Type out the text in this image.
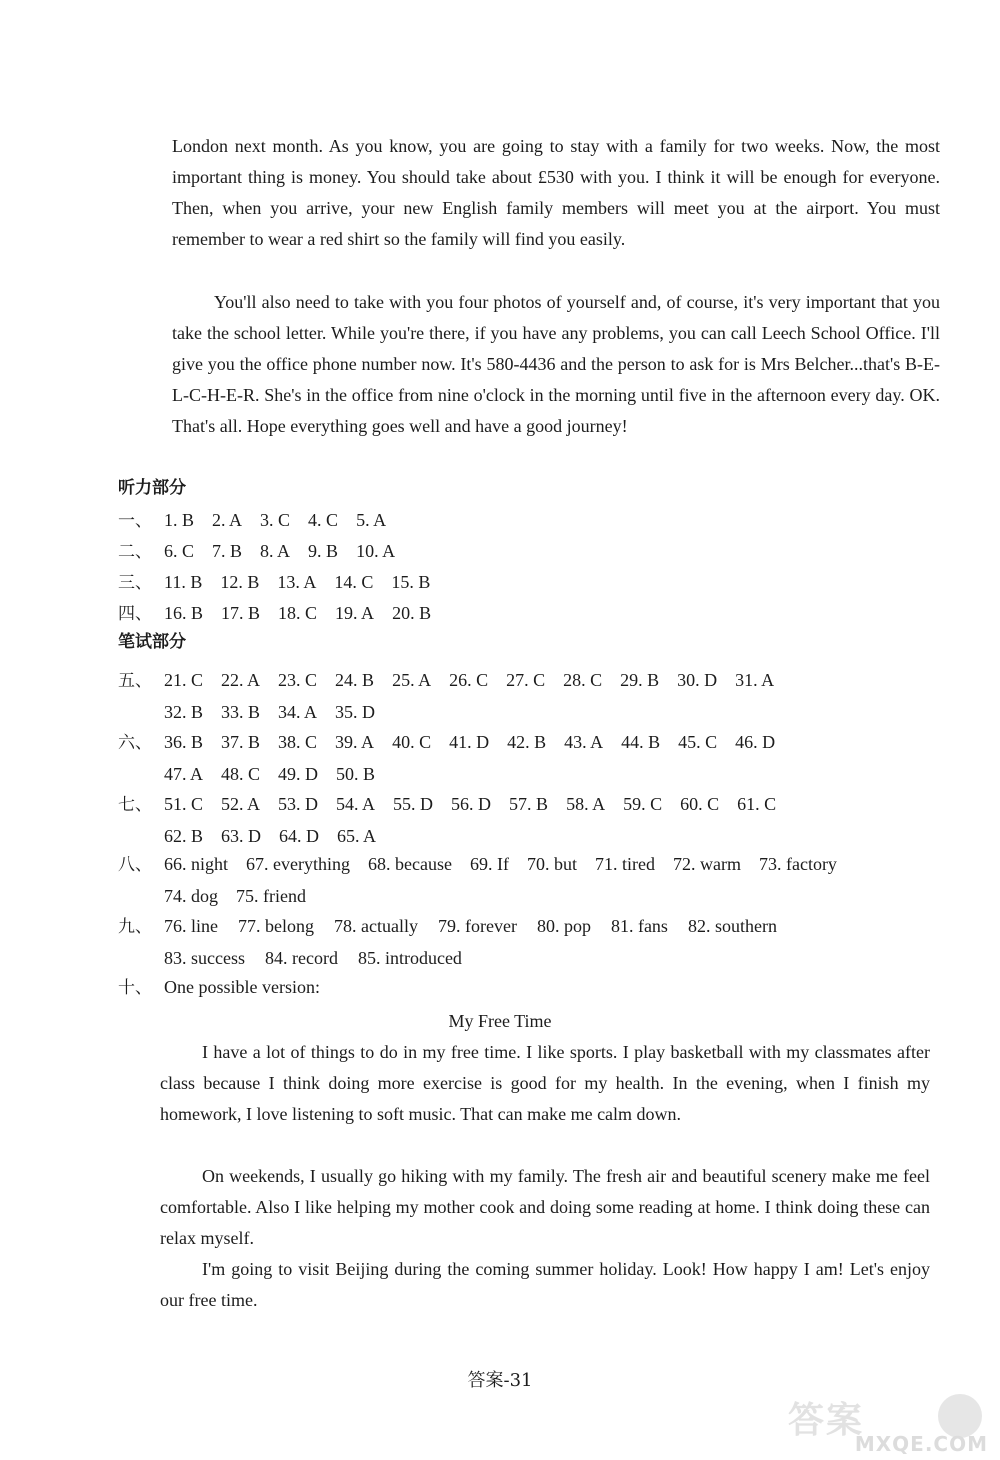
London next month. As you know, you are going to stay with a family for two weeks. Now, the most important thing is money. You should take about £530 with you. I think it will be enough for everyone. Then, when you arrive, your new English family members will meet you at the airport. You must remember to wear a red shirt so the family will find you easily.

You'll also need to take with you four photos of yourself and, of course, it's very important that you take the school letter. While you're there, if you have any problems, you can call Leech School Office. I'll give you the office phone number now. It's 580-4436 and the person to ask for is Mrs Belcher...that's B-E-L-C-H-E-R. She's in the office from nine o'clock in the morning until five in the afternoon every day. OK. That's all. Hope everything goes well and have a good journey!

听力部分
一、 1. B 2. A 3. C 4. C 5. A
二、 6. C 7. B 8. A 9. B 10. A
三、 11. B 12. B 13. A 14. C 15. B
四、 16. B 17. B 18. C 19. A 20. B
笔试部分
五、 21. C 22. A 23. C 24. B 25. A 26. C 27. C 28. C 29. B 30. D 31. A
32. B 33. B 34. A 35. D
六、 36. B 37. B 38. C 39. A 40. C 41. D 42. B 43. A 44. B 45. C 46. D
47. A 48. C 49. D 50. B
七、 51. C 52. A 53. D 54. A 55. D 56. D 57. B 58. A 59. C 60. C 61. C
62. B 63. D 64. D 65. A
八、 66. night 67. everything 68. because 69. If 70. but 71. tired 72. warm 73. factory
74. dog 75. friend
九、 76. line 77. belong 78. actually 79. forever 80. pop 81. fans 82. southern
83. success 84. record 85. introduced
十、 One possible version:

My Free Time

I have a lot of things to do in my free time. I like sports. I play basketball with my classmates after class because I think doing more exercise is good for my health. In the evening, when I finish my homework, I love listening to soft music. That can make me calm down.

On weekends, I usually go hiking with my family. The fresh air and beautiful scenery make me feel comfortable. Also I like helping my mother cook and doing some reading at home. I think doing these can relax myself.

I'm going to visit Beijing during the coming summer holiday. Look! How happy I am! Let's enjoy our free time.

答案-31

答案
MXQE.COM
